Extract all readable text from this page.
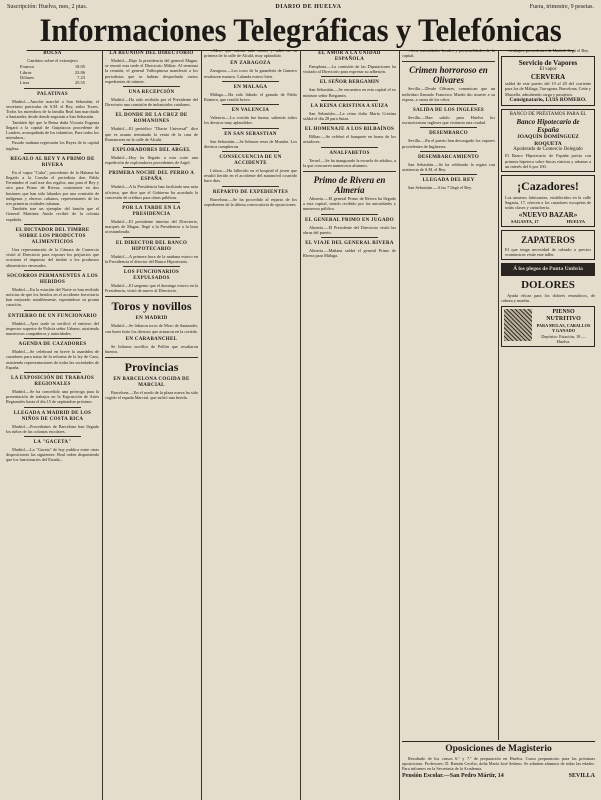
Suscripción: Huelva, mes, 2 ptas.	DIARIO DE HUELVA	Fuera, trimestre, 9 pesetas.
Informaciones Telegráficas y Telefónicas
BOLSA
Cambios sobre el extranjero
Francos	18.05
Libras	23.86
Dólares	7.23
Liras	25.55
PALATINAS

Madrid.—Anoche marchó a San Sebastián, el secretario particular de S.M. el Rey, señor Torres. Todos los miembros de la familia Real han marchado a Santander, desde donde seguirán a San Sebastián.

También fijó que la Reina doña Victoria Eugenia llegará a la capital de Guipúzcoa procedente de Londres, acompañada de los infantitos. Para todos los miembros...

Pasado mañana regresarán los Reyes de la capital inglesa.

REGALO AL REY Y A PRIMO DE RIVERA

En el vapor "Cuba", procedente de la Habana ha llegado a la Coruña el periodista don Pablo Fernández el cual trae dos regalos, uno para el Rey y otro para Primo de Rivera, consistente en dos bastones que han sido labrados por una comisión de indígenas y obreros cubanos, representantes de las tres primeras ciudades cubanas.

También trae un ejemplar del bastón que el General Martínez Anido recibió de la colonia española.

EL DICTADOR DEL TIMBRE SOBRE LOS PRODUCTOS ALIMENTICIOS

Una representación de la Cámara de Comercio visitó al Directorio para exponer los perjuicios que ocasiona el impuesto del timbre a los productos alimenticios envasados.

SOCORROS PERMANENTES A LOS HERIDOS

Madrid.—En la estación del Norte se han recibido noticias de que los heridos en el accidente ferroviario han mejorado notablemente, esperándose su pronta curación.

ENTIERRO DE UN FUNCIONARIO

Madrid.—Ayer tarde se verificó el entierro del inspector superior de Policía señor Urbano, asistiendo numerosos compañeros y autoridades.

AGENDA DE CAZADORES

Madrid.—Se celebrará en breve la asamblea de cazadores para tratar de la reforma de la ley de Caza, asistiendo representaciones de todas las sociedades de España.

LA EXPOSICIÓN DE TRABAJOS REGIONALES

Madrid.—Se ha concedido una prórroga para la presentación de trabajos en la Exposición de Artes Regionales hasta el día 15 de septiembre próximo.

LLEGADA A MADRID DE LOS NIÑOS DE COSTA RICA

Madrid.—Procedentes de Barcelona han llegado los niños de las colonias escolares.

LA "GACETA"

Madrid.—La "Gaceta" de hoy publica entre otras disposiciones las siguientes: Real orden disponiendo que los funcionarios del Estado...

LA REUNIÓN DEL DIRECTORIO

Madrid.—Bajo la presidencia del general Magaz, se reunió esta tarde el Directorio Militar. Al terminar la reunión, el general Vallespinosa manifestó a los periodistas que se habían despachado varios expedientes de trámite.

UNA RECEPCIÓN

Madrid.—Ha sido recibido por el Presidente del Directorio una comisión de industriales catalanes.

EL DONDE DE LA CRUZ DE ROMANONES

Madrid.—El periódico "Diario Universal" dice que es asunto terminado la venta de la casa de Romanones en la calle de Alcalá.

EXPLORADORES DEL ARGEL

Madrid.—Hoy ha llegado a esta corte una expedición de exploradores procedentes de Argel.

PRIMERA NOCHE DEL PERRO A ESPAÑA

Madrid.—A la Presidencia han facilitado una nota oficiosa, que dice que el Gobierno ha acordado la concesión de créditos para obras públicas.

POR LA TARDE EN LA PRESIDENCIA

Madrid.—El presidente interino del Directorio, marqués de Magaz, llegó a la Presidencia a la hora acostumbrada.

EL DIRECTOR DEL BANCO HIPOTECARIO

Madrid.—A primera hora de la mañana estuvo en la Presidencia el director del Banco Hipotecario.

LOS FUNCIONARIOS EXPULSADOS

Madrid.—El sargento que el domingo estuvo en la Presidencia, visitó de nuevo al Directorio.

Toros y novillos
EN MADRID

Madrid.—Se lidiaron toros de Moro de Santander, con buen éxito los diestros que actuaron en la corrida.

EN CARABANCHEL

Se lidiaron novillos de Pellón que resultaron buenos.

Provincias
EN BARCELONA COGIDA DE MARCIAL

Barcelona.—En el ruedo de la plaza nueva ha sido cogido el espada Marcial, que sufrió una herida.

...Mero que entran más vacas, y salió en su primera de la calle de Alcalá, muy aplaudido.

EN ZARAGOZA

Zaragoza.—Los toros de la ganadería de Gamero resultaron mansos. Lalanda estuvo bien.

EN MALAGA

Málaga.—Ha sido lidiado el ganado de Pablo Romero, que resultó bravo.

EN VALENCIA

Valencia.—La corrida fue buena, saliendo todos los diestros muy aplaudidos.

EN SAN SEBASTIAN

San Sebastián.—Se lidiaron reses de Murube. Los diestros cumplieron.

CONSECUENCIA DE UN ACCIDENTE

Lisboa.—Ha fallecido en el hospital el joven que resultó herido en el accidente del automóvil ocurrido hace días.

REPARTO DE EXPEDIENTES

Barcelona.—Se ha procedido al reparto de los expedientes de la última convocatoria de oposiciones.

EL AMOR A LA UNIDAD ESPAÑOLA

Pamplona.—La comisión de las Diputaciones ha visitado al Directorio para expresar su adhesión.

EL SEÑOR BERGAMIN

San Sebastián.—Se encuentra en esta capital el ex ministro señor Bergamín.

LA REINA CRISTINA A SUIZA

San Sebastián.—La reina doña María Cristina saldrá el día 28 para Suiza.

EL HOMENAJE A LOS BILBAÍNOS

Bilbao.—Se celebró el banquete en honor de los aviadores.

ANALFABETOS

Teruel.—Se ha inaugurado la escuela de adultos, a la que concurren numerosos alumnos.

Primo de Rivera en Almería

Almería.—El general Primo de Rivera ha llegado a esta capital, siendo recibido por las autoridades y numeroso público.

EL GENERAL PRIMO EN JUGADO

Almería.—El Presidente del Directorio visitó las obras del puerto.

EL VIAJE DEL GENERAL RIVERA

Almería.—Mañana saldrá el general Primo de Rivera para Málaga.

...tiva, autoridades locales y personalidades de la capital.

Crimen horroroso en Olivares

Sevilla.—Desde Olivares, comunican que un individuo llamado Francisco Martín dio muerte a su esposa, a causa de los celos.

SALIDA DE LOS INGLESES

Sevilla.—Han salido para Huelva los excursionistas ingleses que visitaron esta ciudad.

DESEMBARCO

Sevilla.—En el puerto han descargado los vapores procedentes de Inglaterra.

DESEMBARCAMIENTO

San Sebastián.—Se ha celebrado la regata con asistencia de S.M. el Rey.

LLEGADA DEL REY

San Sebastián.—A las 7 llegó el Rey.

...trabajos, procedentes de Madrid, llegó el Rey.

Servicio de Vapores
El vapor
CERVERA

saldrá de este puerto del 19 al 20 del corriente para los de Málaga, Tarragona, Barcelona, Cette y Marsella, admitiendo carga y pasajeros.

Consignatario, LUIS ROMERO.
BANCO DE PRÉSTAMOS PARA EL
Banco Hipotecario de España
JOAQUÍN DOMÍNGUEZ ROQUETA
Apoderado de Comercio Delegado

El Banco Hipotecario de España presta con primera hipoteca sobre fincas rústicas y urbanas a un interés del 6 por 100.

¡Cazadores!

Los armeros fabricantes, establecidos en la calle Sagasta, 17, ofrecen a los cazadores escopetas de todas clases y cartuchería.

«NUEVO BAZAR»
SAGASTA, 17	HUELVA
ZAPATEROS

El que tenga necesidad de calzado a precios económicos visite este taller.

Á los plegos de Punta Umbría
DOLORES

Ayuda eficaz para los dolores reumáticos, de cabeza y muelas.

PIENSO NUTRITIVO
PARA MULAS, CABALLOS Y GANADO
Depósito: Estación, 18 — Huelva.
Oposiciones de Magisterio

Resultado de los cursos 6.º y 7.º de preparación en Huelva. Curso preparatorio para las próximas oposiciones. Profesores: D. Ramón Cecilio, doña María José Sedano. Se admiten alumnos de todas las edades. Para informes en la Secretaría de la Academia.

Pensión Escolar.—San Pedro Mártir, 14	SEVILLA
